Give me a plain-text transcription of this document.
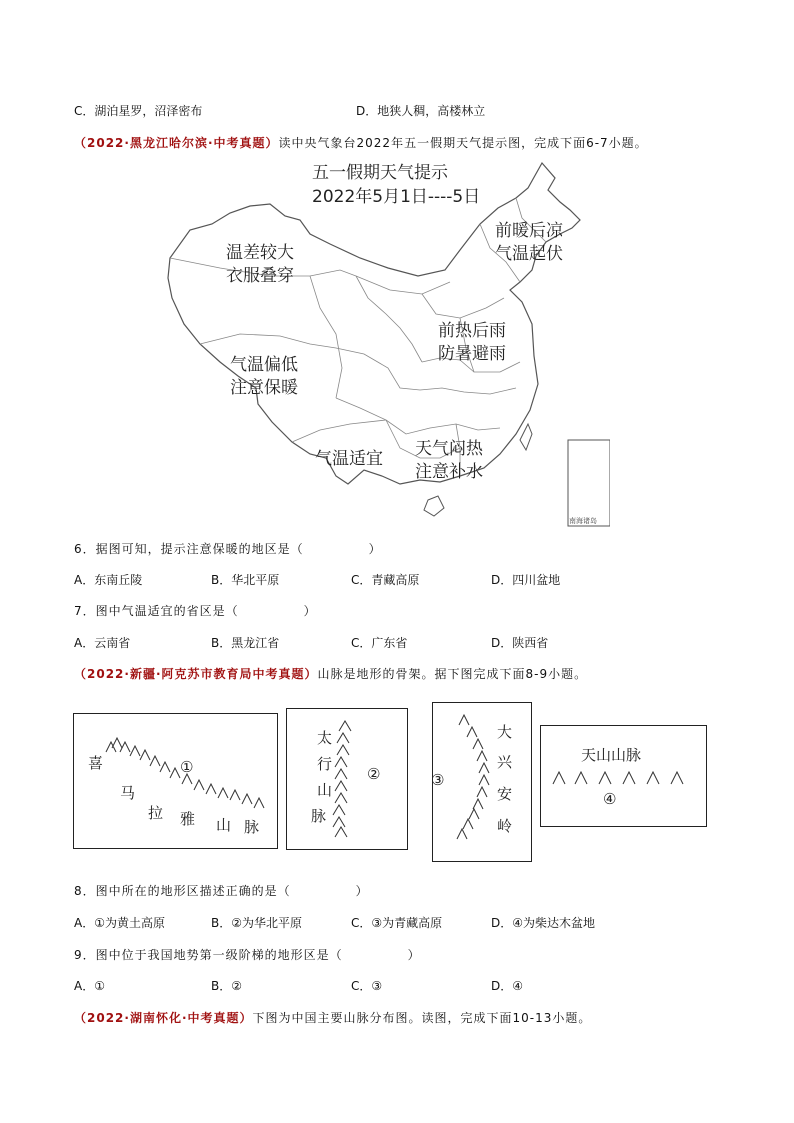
C．湖泊星罗，沼泽密布	D．地狭人稠，高楼林立
（2022·黑龙江哈尔滨·中考真题）读中央气象台2022年五一假期天气提示图，完成下面6-7小题。
五一假期天气提示
2022年5月1日----5日
前暖后凉
气温起伏
温差较大
衣服叠穿
前热后雨
防暑避雨
气温偏低
注意保暖
气温适宜 天气闷热
注意补水
南海诸岛
6．据图可知，提示注意保暖的地区是（　　　　　）
A．东南丘陵	B．华北平原	C．青藏高原	D．四川盆地
7．图中气温适宜的省区是（　　　　　）
A．云南省	B．黑龙江省	C．广东省	D．陕西省
（2022·新疆·阿克苏市教育局中考真题）山脉是地形的骨架。据下图完成下面8-9小题。
喜
马
拉 雅 山 脉
①
太
行
山
脉
②
大
兴
安
岭
③
天山山脉
④
8．图中所在的地形区描述正确的是（　　　　　）
A．①为黄土高原	B．②为华北平原	C．③为青藏高原	D．④为柴达木盆地
9．图中位于我国地势第一级阶梯的地形区是（　　　　　）
A．①	B．②	C．③	D．④
（2022·湖南怀化·中考真题）下图为中国主要山脉分布图。读图，完成下面10-13小题。
